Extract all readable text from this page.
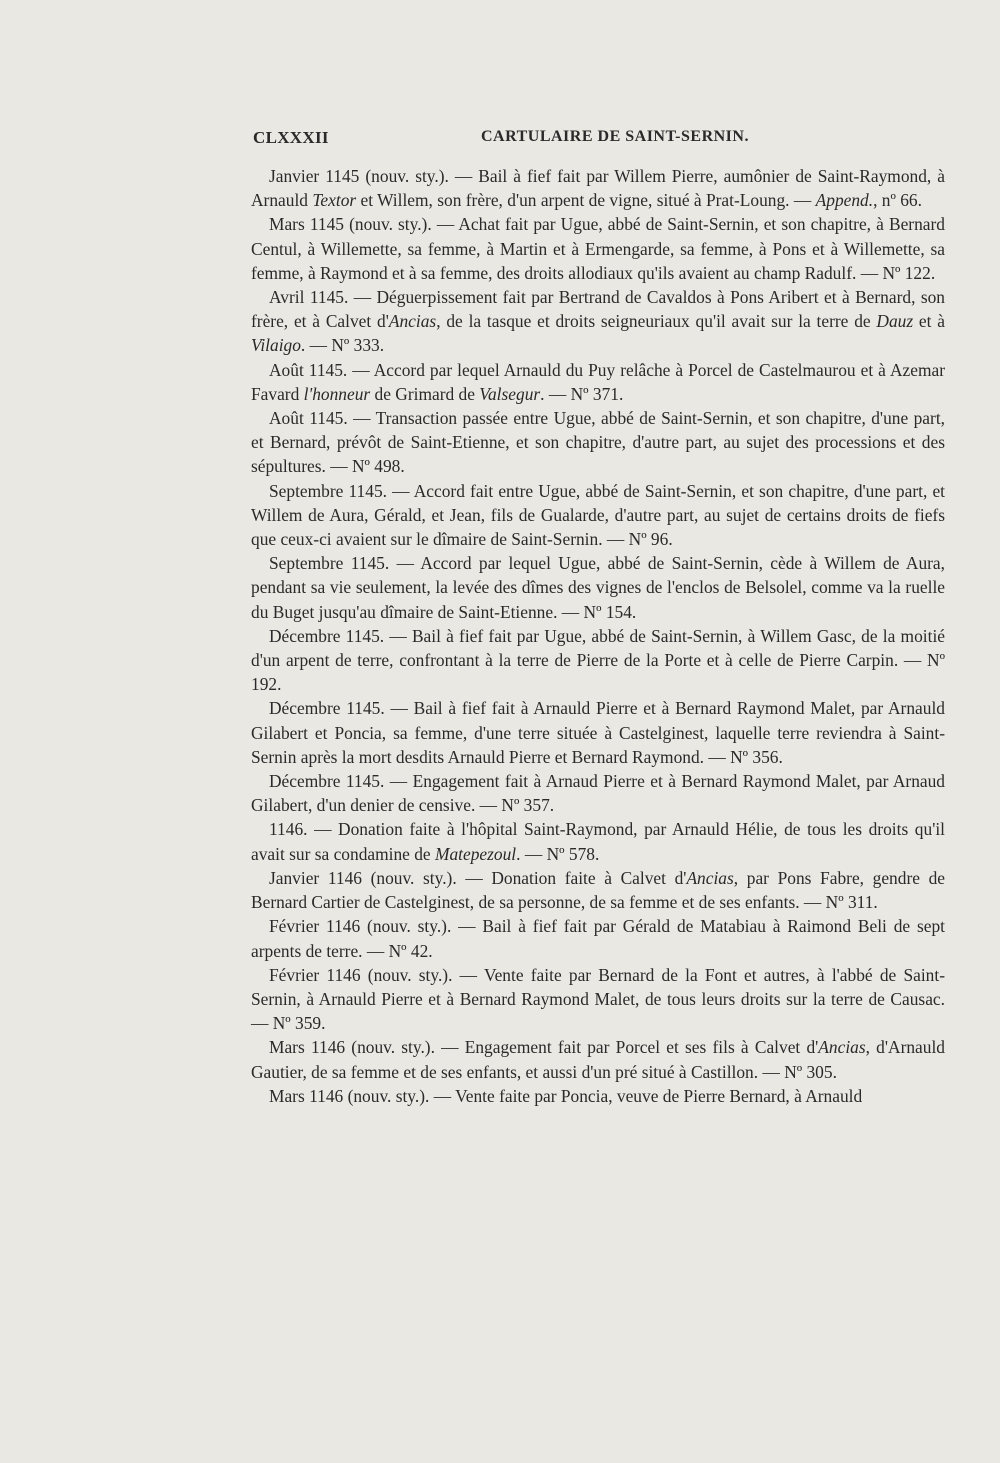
CLXXXII	CARTULAIRE DE SAINT-SERNIN.

Janvier 1145 (nouv. sty.). — Bail à fief fait par Willem Pierre, aumônier de Saint-Raymond, à Arnauld Textor et Willem, son frère, d'un arpent de vigne, situé à Prat-Loung. — Append., nº 66.

Mars 1145 (nouv. sty.). — Achat fait par Ugue, abbé de Saint-Sernin, et son chapitre, à Bernard Centul, à Willemette, sa femme, à Martin et à Ermengarde, sa femme, à Pons et à Willemette, sa femme, à Raymond et à sa femme, des droits allodiaux qu'ils avaient au champ Radulf. — Nº 122.

Avril 1145. — Déguerpissement fait par Bertrand de Cavaldos à Pons Aribert et à Bernard, son frère, et à Calvet d'Ancias, de la tasque et droits seigneuriaux qu'il avait sur la terre de Dauz et à Vilaigo. — Nº 333.

Août 1145. — Accord par lequel Arnauld du Puy relâche à Porcel de Castelmaurou et à Azemar Favard l'honneur de Grimard de Valsegur. — Nº 371.

Août 1145. — Transaction passée entre Ugue, abbé de Saint-Sernin, et son chapitre, d'une part, et Bernard, prévôt de Saint-Etienne, et son chapitre, d'autre part, au sujet des processions et des sépultures. — Nº 498.

Septembre 1145. — Accord fait entre Ugue, abbé de Saint-Sernin, et son chapitre, d'une part, et Willem de Aura, Gérald, et Jean, fils de Gualarde, d'autre part, au sujet de certains droits de fiefs que ceux-ci avaient sur le dîmaire de Saint-Sernin. — Nº 96.

Septembre 1145. — Accord par lequel Ugue, abbé de Saint-Sernin, cède à Willem de Aura, pendant sa vie seulement, la levée des dîmes des vignes de l'enclos de Belsolel, comme va la ruelle du Buget jusqu'au dîmaire de Saint-Etienne. — Nº 154.

Décembre 1145. — Bail à fief fait par Ugue, abbé de Saint-Sernin, à Willem Gasc, de la moitié d'un arpent de terre, confrontant à la terre de Pierre de la Porte et à celle de Pierre Carpin. — Nº 192.

Décembre 1145. — Bail à fief fait à Arnauld Pierre et à Bernard Raymond Malet, par Arnauld Gilabert et Poncia, sa femme, d'une terre située à Castelginest, laquelle terre reviendra à Saint-Sernin après la mort desdits Arnauld Pierre et Bernard Raymond. — Nº 356.

Décembre 1145. — Engagement fait à Arnaud Pierre et à Bernard Raymond Malet, par Arnaud Gilabert, d'un denier de censive. — Nº 357.

1146. — Donation faite à l'hôpital Saint-Raymond, par Arnauld Hélie, de tous les droits qu'il avait sur sa condamine de Matepezoul. — Nº 578.

Janvier 1146 (nouv. sty.). — Donation faite à Calvet d'Ancias, par Pons Fabre, gendre de Bernard Cartier de Castelginest, de sa personne, de sa femme et de ses enfants. — Nº 311.

Février 1146 (nouv. sty.). — Bail à fief fait par Gérald de Matabiau à Raimond Beli de sept arpents de terre. — Nº 42.

Février 1146 (nouv. sty.). — Vente faite par Bernard de la Font et autres, à l'abbé de Saint-Sernin, à Arnauld Pierre et à Bernard Raymond Malet, de tous leurs droits sur la terre de Causac. — Nº 359.

Mars 1146 (nouv. sty.). — Engagement fait par Porcel et ses fils à Calvet d'Ancias, d'Arnauld Gautier, de sa femme et de ses enfants, et aussi d'un pré situé à Castillon. — Nº 305.

Mars 1146 (nouv. sty.). — Vente faite par Poncia, veuve de Pierre Bernard, à Arnauld
